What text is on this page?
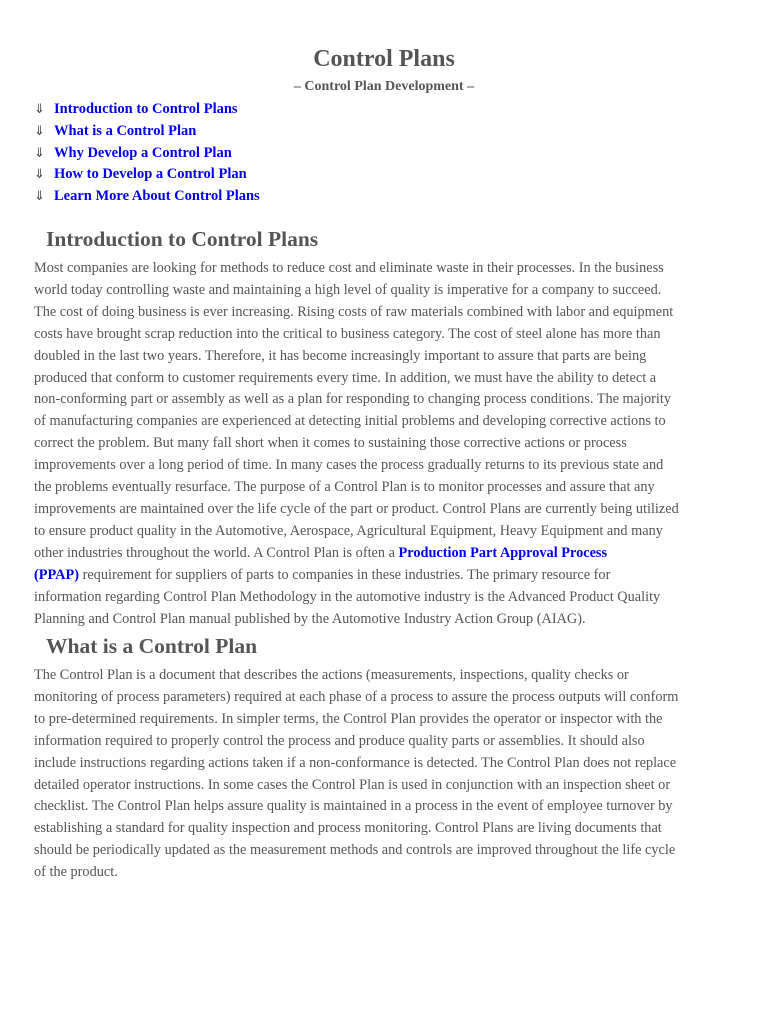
Control Plans
– Control Plan Development –
⇓ Introduction to Control Plans
⇓ What is a Control Plan
⇓ Why Develop a Control Plan
⇓ How to Develop a Control Plan
⇓ Learn More About Control Plans
Introduction to Control Plans

Most companies are looking for methods to reduce cost and eliminate waste in their processes. In the business
world today controlling waste and maintaining a high level of quality is imperative for a company to succeed.
The cost of doing business is ever increasing. Rising costs of raw materials combined with labor and equipment
costs have brought scrap reduction into the critical to business category. The cost of steel alone has more than
doubled in the last two years. Therefore, it has become increasingly important to assure that parts are being
produced that conform to customer requirements every time. In addition, we must have the ability to detect a
non-conforming part or assembly as well as a plan for responding to changing process conditions. The majority
of manufacturing companies are experienced at detecting initial problems and developing corrective actions to
correct the problem. But many fall short when it comes to sustaining those corrective actions or process
improvements over a long period of time. In many cases the process gradually returns to its previous state and
the problems eventually resurface. The purpose of a Control Plan is to monitor processes and assure that any
improvements are maintained over the life cycle of the part or product. Control Plans are currently being utilized
to ensure product quality in the Automotive, Aerospace, Agricultural Equipment, Heavy Equipment and many
other industries throughout the world. A Control Plan is often a Production Part Approval Process
(PPAP) requirement for suppliers of parts to companies in these industries. The primary resource for
information regarding Control Plan Methodology in the automotive industry is the Advanced Product Quality
Planning and Control Plan manual published by the Automotive Industry Action Group (AIAG).

What is a Control Plan

The Control Plan is a document that describes the actions (measurements, inspections, quality checks or
monitoring of process parameters) required at each phase of a process to assure the process outputs will conform
to pre-determined requirements. In simpler terms, the Control Plan provides the operator or inspector with the
information required to properly control the process and produce quality parts or assemblies. It should also
include instructions regarding actions taken if a non-conformance is detected. The Control Plan does not replace
detailed operator instructions. In some cases the Control Plan is used in conjunction with an inspection sheet or
checklist. The Control Plan helps assure quality is maintained in a process in the event of employee turnover by
establishing a standard for quality inspection and process monitoring. Control Plans are living documents that
should be periodically updated as the measurement methods and controls are improved throughout the life cycle
of the product.
